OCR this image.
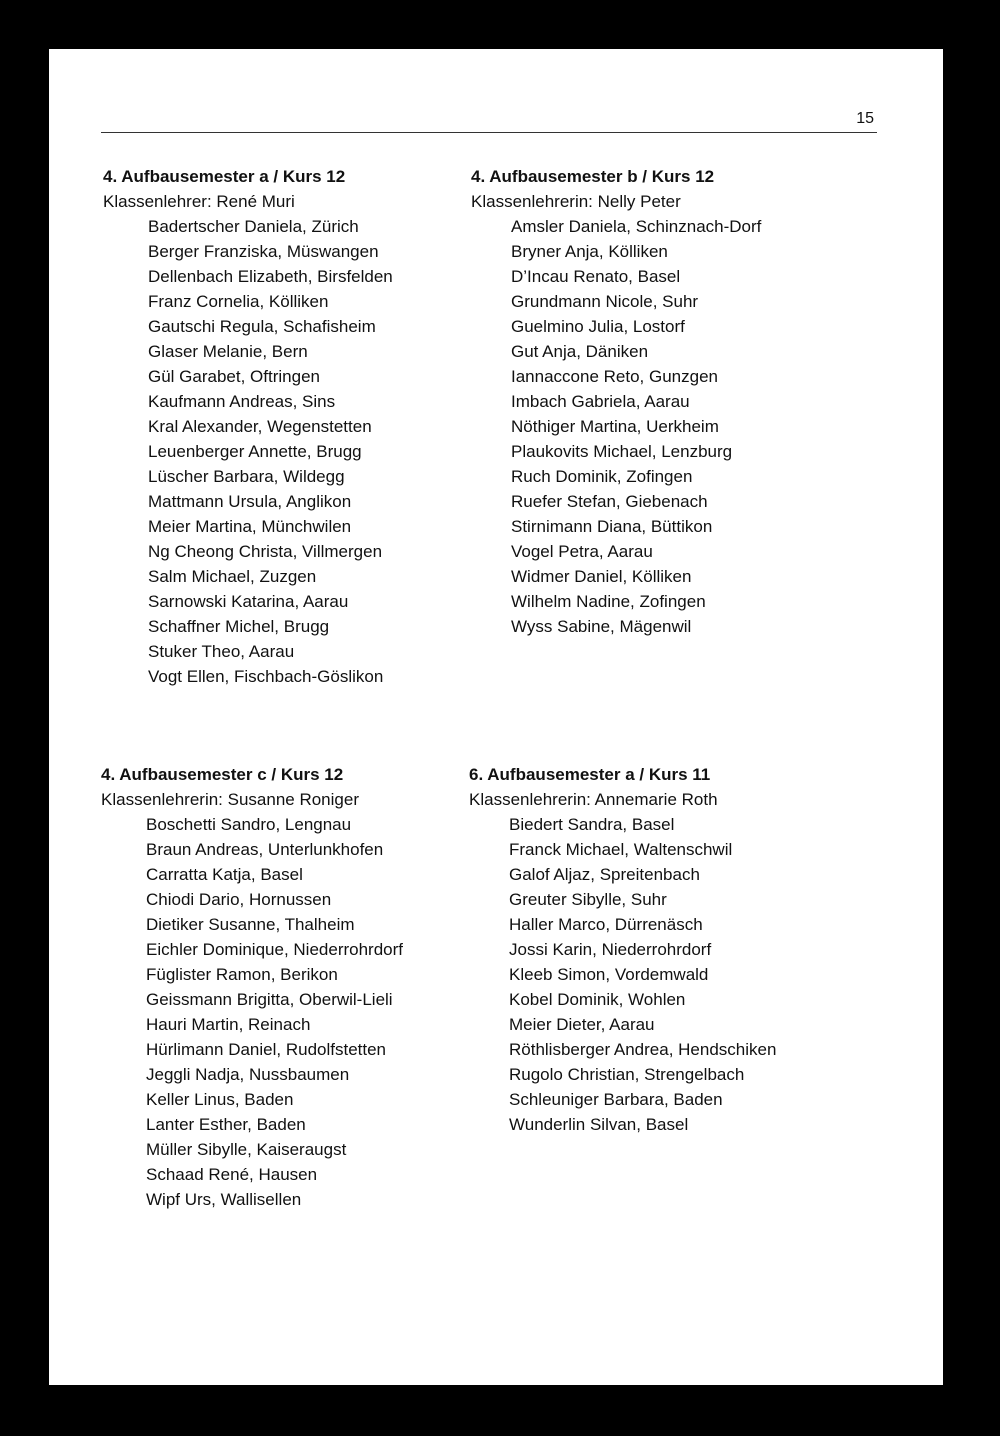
15
4. Aufbausemester a / Kurs 12
Klassenlehrer: René Muri
Badertscher Daniela, Zürich
Berger Franziska, Müswangen
Dellenbach Elizabeth, Birsfelden
Franz Cornelia, Kölliken
Gautschi Regula, Schafisheim
Glaser Melanie, Bern
Gül Garabet, Oftringen
Kaufmann Andreas, Sins
Kral Alexander, Wegenstetten
Leuenberger Annette, Brugg
Lüscher Barbara, Wildegg
Mattmann Ursula, Anglikon
Meier Martina, Münchwilen
Ng Cheong Christa, Villmergen
Salm Michael, Zuzgen
Sarnowski Katarina, Aarau
Schaffner Michel, Brugg
Stuker Theo, Aarau
Vogt Ellen, Fischbach-Göslikon
4. Aufbausemester b / Kurs 12
Klassenlehrerin: Nelly Peter
Amsler Daniela, Schinznach-Dorf
Bryner Anja, Kölliken
D’Incau Renato, Basel
Grundmann Nicole, Suhr
Guelmino Julia, Lostorf
Gut Anja, Däniken
Iannaccone Reto, Gunzgen
Imbach Gabriela, Aarau
Nöthiger Martina, Uerkheim
Plaukovits Michael, Lenzburg
Ruch Dominik, Zofingen
Ruefer Stefan, Giebenach
Stirnimann Diana, Büttikon
Vogel Petra, Aarau
Widmer Daniel, Kölliken
Wilhelm Nadine, Zofingen
Wyss Sabine, Mägenwil
4. Aufbausemester c / Kurs 12
Klassenlehrerin: Susanne Roniger
Boschetti Sandro, Lengnau
Braun Andreas, Unterlunkhofen
Carratta Katja, Basel
Chiodi Dario, Hornussen
Dietiker Susanne, Thalheim
Eichler Dominique, Niederrohrdorf
Füglister Ramon, Berikon
Geissmann Brigitta, Oberwil-Lieli
Hauri Martin, Reinach
Hürlimann Daniel, Rudolfstetten
Jeggli Nadja, Nussbaumen
Keller Linus, Baden
Lanter Esther, Baden
Müller Sibylle, Kaiseraugst
Schaad René, Hausen
Wipf Urs, Wallisellen
6. Aufbausemester a / Kurs 11
Klassenlehrerin: Annemarie Roth
Biedert Sandra, Basel
Franck Michael, Waltenschwil
Galof Aljaz, Spreitenbach
Greuter Sibylle, Suhr
Haller Marco, Dürrenäsch
Jossi Karin, Niederrohrdorf
Kleeb Simon, Vordemwald
Kobel Dominik, Wohlen
Meier Dieter, Aarau
Röthlisberger Andrea, Hendschiken
Rugolo Christian, Strengelbach
Schleuniger Barbara, Baden
Wunderlin Silvan, Basel
